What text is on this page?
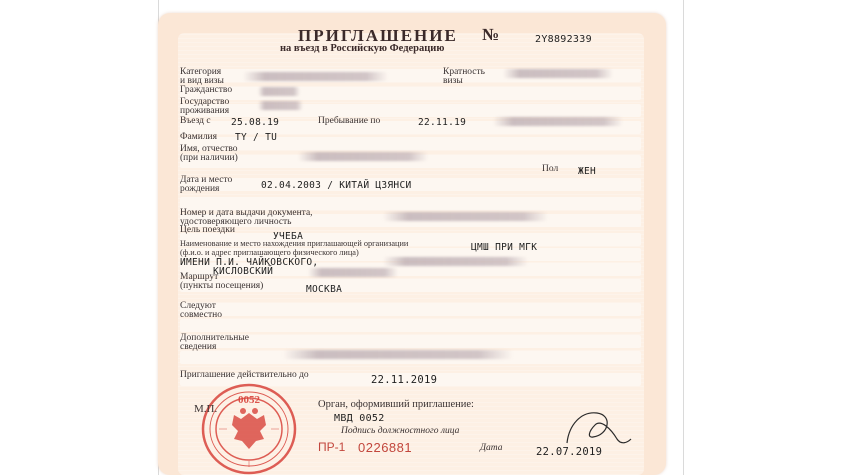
ПРИГЛАШЕНИЕ №	2Y8892339
на въезд в Российскую Федерацию
Категория
и вид визы
Кратность
визы
Гражданство
Государство
проживания
Въезд с 25.08.19	Пребывание по	22.11.19
Фамилия TY / TU
Имя, отчество
(при наличии)
Пол ЖЕН
Дата и место
рождения	02.04.2003 / КИТАЙ ЦЗЯНСИ
Номер и дата выдачи документа,
удостоверяющего личность
Цель поездки
УЧЕБА
Наименование и место нахождения приглашающей организации
(ф.и.о. и адрес приглашающего физического лица)	ЦМШ ПРИ МГК
ИМЕНИ П.И. ЧАЙКОВСКОГО,
КИСЛОВСКИЙ
Маршрут
(пункты посещения)	МОСКВА
Следуют
совместно
Дополнительные
сведения
Приглашение действительно до	22.11.2019
0052
М.П.	Орган, оформивший приглашение:
МВД 0052
Подпись должностного лица
ПР-1 0226881	Дата	22.07.2019
